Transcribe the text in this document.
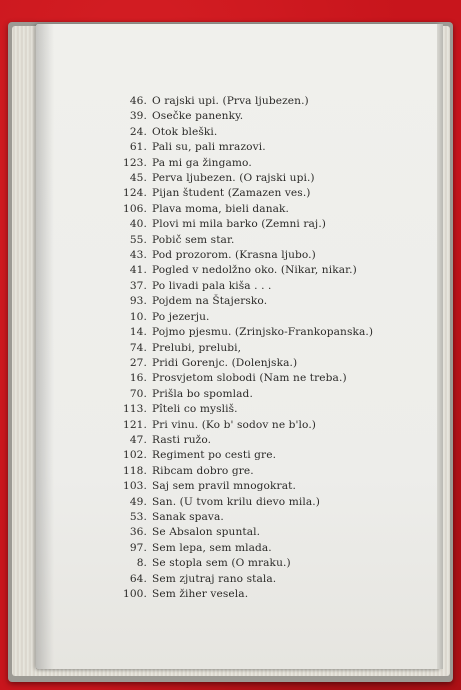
46. O rajski upi. (Prva ljubezen.)
39. Osečke panenky.
24. Otok bleški.
61. Pali su, pali mrazovi.
123. Pa mi ga žingamo.
45. Perva ljubezen. (O rajski upi.)
124. Pijan študent (Zamazen ves.)
106. Plava moma, bieli danak.
40. Plovi mi mila barko (Zemni raj.)
55. Pobič sem star.
43. Pod prozorom. (Krasna ljubo.)
41. Pogled v nedolžno oko. (Nikar, nikar.)
37. Po livadi pala kiša . . .
93. Pojdem na Štajersko.
10. Po jezerju.
14. Pojmo pjesmu. (Zrinjsko-Frankopanska.)
74. Prelubi, prelubi,
27. Pridi Gorenjc. (Dolenjska.)
16. Prosvjetom slobodi (Nam ne treba.)
70. Prišla bo spomlad.
113. Pîteli co mysliš.
121. Pri vinu. (Ko b' sodov ne b'lo.)
47. Rasti ružo.
102. Regiment po cesti gre.
118. Ribcam dobro gre.
103. Saj sem pravil mnogokrat.
49. San. (U tvom krilu dievo mila.)
53. Sanak spava.
36. Se Absalon spuntal.
97. Sem lepa, sem mlada.
8. Se stopla sem (O mraku.)
64. Sem zjutraj rano stala.
100. Sem žiher vesela.
